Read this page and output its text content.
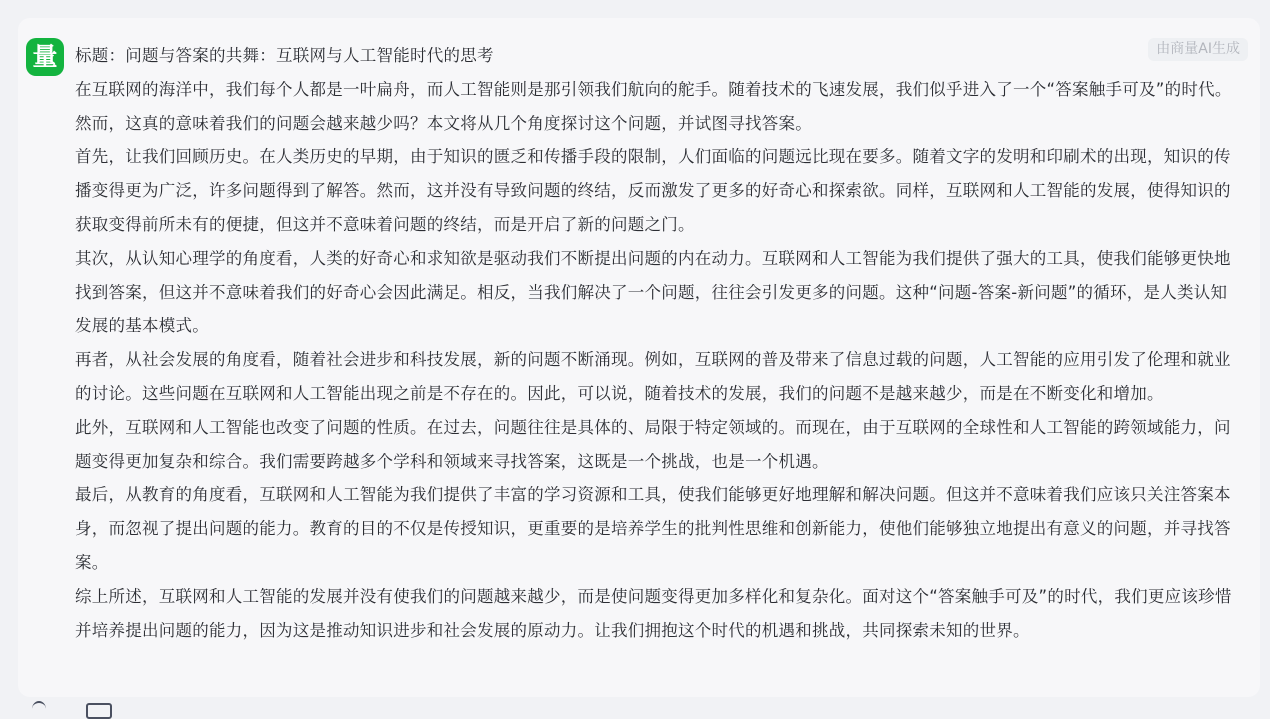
由商量AI生成
量	标题：问题与答案的共舞：互联网与人工智能时代的思考

在互联网的海洋中，我们每个人都是一叶扁舟，而人工智能则是那引领我们航向的舵手。随着技术的飞速发展，我们似乎进入了一个“答案触手可及”的时代。然而，这真的意味着我们的问题会越来越少吗？本文将从几个角度探讨这个问题，并试图寻找答案。

首先，让我们回顾历史。在人类历史的早期，由于知识的匮乏和传播手段的限制，人们面临的问题远比现在要多。随着文字的发明和印刷术的出现，知识的传播变得更为广泛，许多问题得到了解答。然而，这并没有导致问题的终结，反而激发了更多的好奇心和探索欲。同样，互联网和人工智能的发展，使得知识的获取变得前所未有的便捷，但这并不意味着问题的终结，而是开启了新的问题之门。

其次，从认知心理学的角度看，人类的好奇心和求知欲是驱动我们不断提出问题的内在动力。互联网和人工智能为我们提供了强大的工具，使我们能够更快地找到答案，但这并不意味着我们的好奇心会因此满足。相反，当我们解决了一个问题，往往会引发更多的问题。这种“问题-答案-新问题”的循环，是人类认知发展的基本模式。

再者，从社会发展的角度看，随着社会进步和科技发展，新的问题不断涌现。例如，互联网的普及带来了信息过载的问题，人工智能的应用引发了伦理和就业的讨论。这些问题在互联网和人工智能出现之前是不存在的。因此，可以说，随着技术的发展，我们的问题不是越来越少，而是在不断变化和增加。

此外，互联网和人工智能也改变了问题的性质。在过去，问题往往是具体的、局限于特定领域的。而现在，由于互联网的全球性和人工智能的跨领域能力，问题变得更加复杂和综合。我们需要跨越多个学科和领域来寻找答案，这既是一个挑战，也是一个机遇。

最后，从教育的角度看，互联网和人工智能为我们提供了丰富的学习资源和工具，使我们能够更好地理解和解决问题。但这并不意味着我们应该只关注答案本身，而忽视了提出问题的能力。教育的目的不仅是传授知识，更重要的是培养学生的批判性思维和创新能力，使他们能够独立地提出有意义的问题，并寻找答案。

综上所述，互联网和人工智能的发展并没有使我们的问题越来越少，而是使问题变得更加多样化和复杂化。面对这个“答案触手可及”的时代，我们更应该珍惜并培养提出问题的能力，因为这是推动知识进步和社会发展的原动力。让我们拥抱这个时代的机遇和挑战，共同探索未知的世界。
